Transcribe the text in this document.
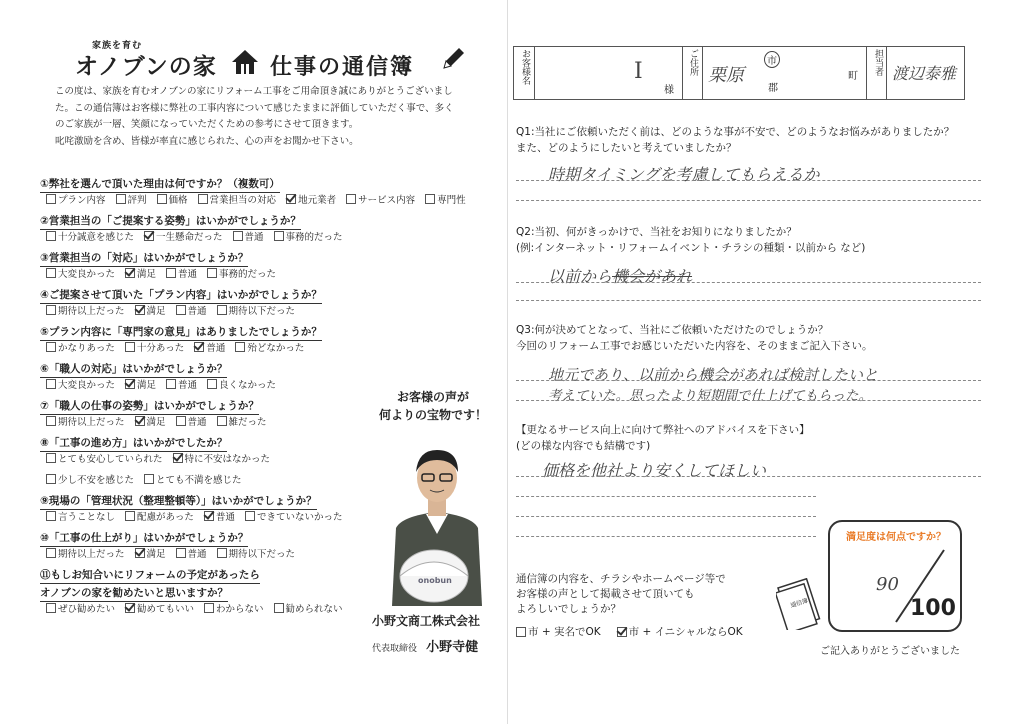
家族を育む
オノブンの家 仕事の通信簿
この度は、家族を育むオノブンの家にリフォーム工事をご用命頂き誠にありがとうございまし
た。この通信簿はお客様に弊社の工事内容について感じたままに評価していただく事で、多く
のご家族が一層、笑顔になっていただくための参考にさせて頂きます。
叱咤激励を含め、皆様が率直に感じられた、心の声をお聞かせ下さい。
①弊社を選んで頂いた理由は何ですか？（複数可）
プラン内容 評判 価格 営業担当の対応 地元業者 サービス内容 専門性
②営業担当の「ご提案する姿勢」はいかがでしょうか？
十分誠意を感じた 一生懸命だった 普通 事務的だった
③営業担当の「対応」はいかがでしょうか？
大変良かった 満足 普通 事務的だった
④ご提案させて頂いた「プラン内容」はいかがでしょうか？
期待以上だった 満足 普通 期待以下だった
⑤プラン内容に「専門家の意見」はありましたでしょうか？
かなりあった 十分あった 普通 殆どなかった
⑥「職人の対応」はいかがでしょうか？
大変良かった 満足 普通 良くなかった
⑦「職人の仕事の姿勢」はいかがでしょうか？
期待以上だった 満足 普通 雑だった
⑧「工事の進め方」はいかがでしたか？
とても安心していられた 特に不安はなかった
少し不安を感じた とても不満を感じた
⑨現場の「管理状況（整理整頓等）」はいかがでしょうか？
言うことなし 配慮があった 普通 できていないかった
⑩「工事の仕上がり」はいかがでしょうか？
期待以上だった 満足 普通 期待以下だった
⑪もしお知合いにリフォームの予定があったら
オノブンの家を勧めたいと思いますか？
ぜひ勧めたい 勧めてもいい わからない 勧められない
お客様の声が
何よりの宝物です！
onobun
小野文商工株式会社
代表取締役 小野寺健
お客様名	I
様
ご住所 栗原
市
郡
町
担当者 渡辺泰雅
Q1:当社にご依頼いただく前は、どのような事が不安で、どのようなお悩みがありましたか？
また、どのようにしたいと考えていましたか？
時期タイミングを考慮してもらえるか
Q2:当初、何がきっかけで、当社をお知りになりましたか？
(例:インターネット・リフォームイベント・チラシの種類・以前から など)
以前から機会があれ
Q3:何が決めてとなって、当社にご依頼いただけたのでしょうか？
今回のリフォーム工事でお感じいただいた内容を、そのままご記入下さい。
地元であり、以前から機会があれば検討したいと
考えていた。思ったより短期間で仕上げてもらった。
【更なるサービス向上に向けて弊社へのアドバイスを下さい】
(どの様な内容でも結構です)
価格を他社より安くしてほしい
通信簿の内容を、チラシやホームページ等で
お客様の声として掲載させて頂いても
よろしいでしょうか？
市 + 実名でOK	市 + イニシャルならOK
通信簿
満足度は何点ですか？
90
100
ご記入ありがとうございました
